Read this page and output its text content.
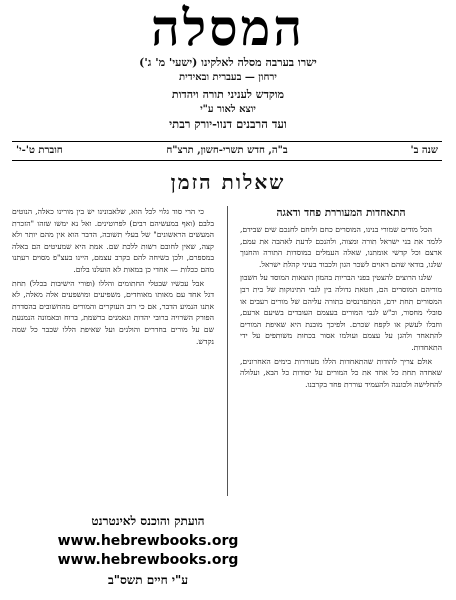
המסלה
ישרו בערבה מסלה לאלקינו (ישעי' מ' ג')
ירחון — בעברית ובאידית
מוקדש לעניני תורה ויהדות
יוצא לאור ע"י
ועד הרבנים דנוו-יורק רבתי
שנה ב'
ב"ה, חדש תשרי-חשון, תרצ"ח
חוברת ט'-י'
שאלות הזמן
התאחדות המעוררת פחד ודאגה

הכל מודים שמורי בנינו, המוסרים כחם וליחם לחנכם שים שבידם, ללמד את בני ישראל תורה ומצוה, ולהנכם לדעת לאהבה את עמם, ארצם וכל קדשי אומתנו, שאלה העמלים במוסדות התורה והחנוך שלנו, בודאי שהם ראוים לשכר הגון ולכבוד בעיני קהלת ישראל.

שלנו הרוצים להצטין בפני הבריות בהמון הוצאות המוסד על חשבון מוריהם המוסרים הם, חטאת גדולה בין לגבי התינוקות של בית רבן המסורים תחת ידם, המתפרנסים בתורה עליהם של מורים רעבים או סובלי מחסור, וכ"ש לגבי המורים בעצמם העובדים בשיעם ארעם, וחבלו לעשק או לקפח שכרם. ולפיכך מובנת היא שאיפת המורים להתאחד ולהגן על עצמם ועולמו אסור בכחות משותפים על ידי התאחדות.

אולם צריך להודות שהתאחדות הללו מעוררות בימים האחרונים, שאחדה תחת כל אחד את כל המורים על יסודות כל הבא, ועלולה להחלישה ולכוננה ולהעמיד עוררת פחד בקרבנו.

כי הרי סוד גלוי לכל הוא, שלאבונינו יש בין מורינו כאלה, הנוטים בלבם (ואף במעשיהם רבים) לפרוטינים. ואל נא ימשו שזהו "הזכרת המעשים הראשונים" של בעלי תשובה, הדבר הוא אין מהם יותר ולא קצה, שאין לחובם רשות ללכת שם. אמת היא שמעיטים הם באלה במספרם, ולכן בשיחה להם בקרב עצמם, היינו בעצ"פ מסוים רעתנו מהם ככלות — אחדי כן במאות לא הועלנו בלום.

אבל עכשיו שבטלי החתומים והללו (ופורי הישיבות בכלל) תחת דגל אחד עם מאותו מאוחדים, משפיעים ומושפעים אלה מאלה, לא אתנו הנמיע הדבר, אם כי רוב העוקרים והמורים מהחשובים בהסדרת הפורק השרויה ברובי יהדות ונאמנים ברשמת, ברוח ובאמונה הנמנעת שם על מורים בחדרים והולנים ועל שאיפת הללו שכבר כל שמה נקדש.

הועתק והוכנס לאינטרנט
www.hebrewbooks.org
www.hebrewbooks.org
ע"י חיים תשס"ב
